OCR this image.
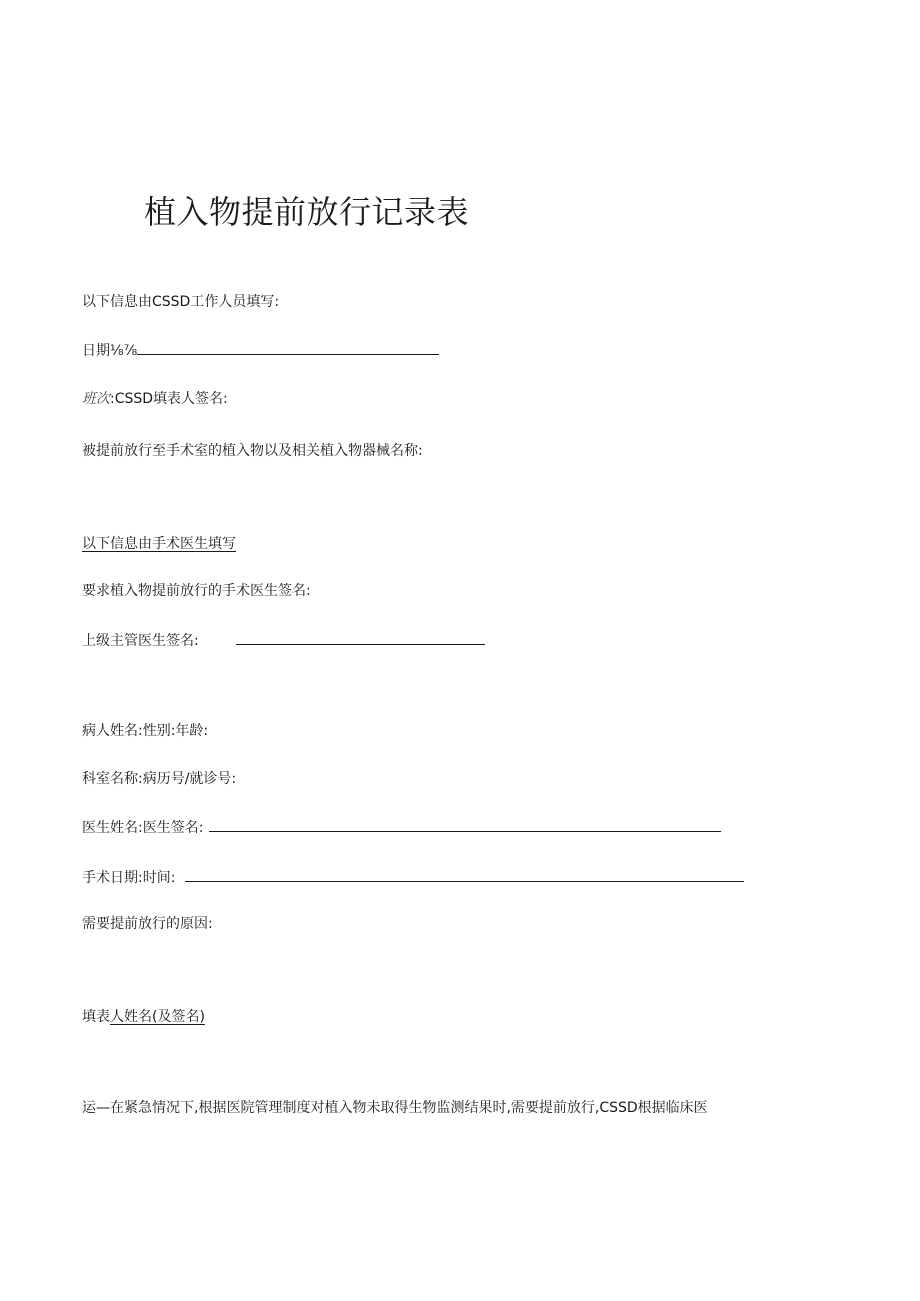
植入物提前放行记录表
以下信息由CSSD工作人员填写:
日期⅛⅞
班次:CSSD填表人签名:
被提前放行至手术室的植入物以及相关植入物器械名称:
以下信息由手术医生填写
要求植入物提前放行的手术医生签名:
上级主管医生签名:
病人姓名:性别:年龄:
科室名称:病历号/就诊号:
医生姓名:医生签名:
手术日期:时间:
需要提前放行的原因:
填表人姓名(及签名)
运—在紧急情况下,根据医院管理制度对植入物未取得生物监测结果时,需要提前放行,CSSD根据临床医
